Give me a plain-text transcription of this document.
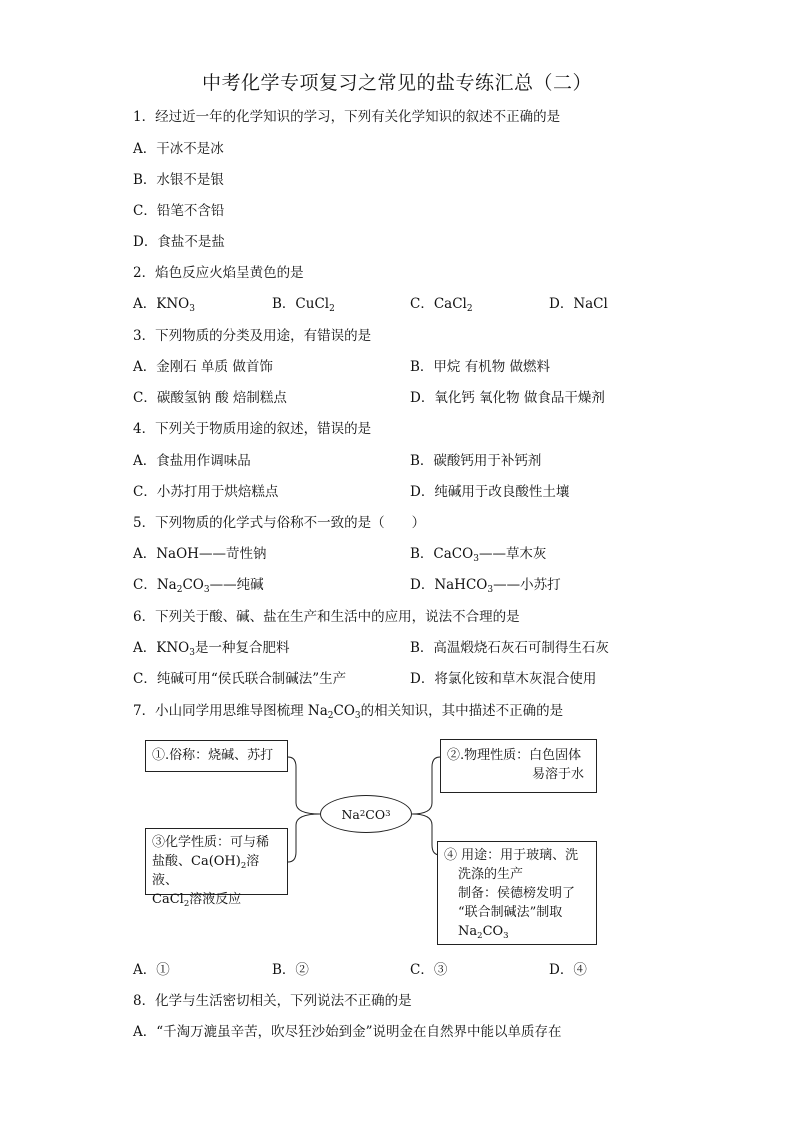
中考化学专项复习之常见的盐专练汇总（二）
1．经过近一年的化学知识的学习，下列有关化学知识的叙述不正确的是
A．干冰不是冰
B．水银不是银
C．铅笔不含铅
D．食盐不是盐
2．焰色反应火焰呈黄色的是
A．$KNO_3$	B．CuCl$_2$	C．CaCl$_2$	D．NaCl
3．下列物质的分类及用途，有错误的是
A．金刚石 单质 做首饰	B．甲烷 有机物 做燃料
C．碳酸氢钠 酸 焙制糕点	D．氧化钙 氧化物 做食品干燥剂
4．下列关于物质用途的叙述，错误的是
A．食盐用作调味品	B．碳酸钙用于补钙剂
C．小苏打用于烘焙糕点	D．纯碱用于改良酸性土壤
5．下列物质的化学式与俗称不一致的是（　　）
A．NaOH——苛性钠	B．CaCO$_3$——草木灰
C．$Na_2CO_3——$纯碱	D．NaHCO$_3$——小苏打
6．下列关于酸、碱、盐在生产和生活中的应用，说法不合理的是
A．$KNO_3$是一种复合肥料	B．高温煅烧石灰石可制得生石灰
C．纯碱可用“侯氏联合制碱法”生产	D．将氯化铵和草木灰混合使用
7．小山同学用思维导图梳理 $Na_2CO_3$的相关知识，其中描述不正确的是
Na 2 CO 3
①.俗称：烧碱、苏打	②.物理性质：白色固体
易溶于水
③化学性质：可与稀
盐酸、$Ca(OH)_2$溶液、
CaCl$_2$溶液反应
④ 用途：用于玻璃、洗
洗涤的生产
制备：侯德榜发明了
“联合制碱法”制取
$Na_2CO_3$
A．①	B．②	C．③	D．④
8．化学与生活密切相关，下列说法不正确的是
A．“千淘万漉虽辛苦，吹尽狂沙始到金”说明金在自然界中能以单质存在
